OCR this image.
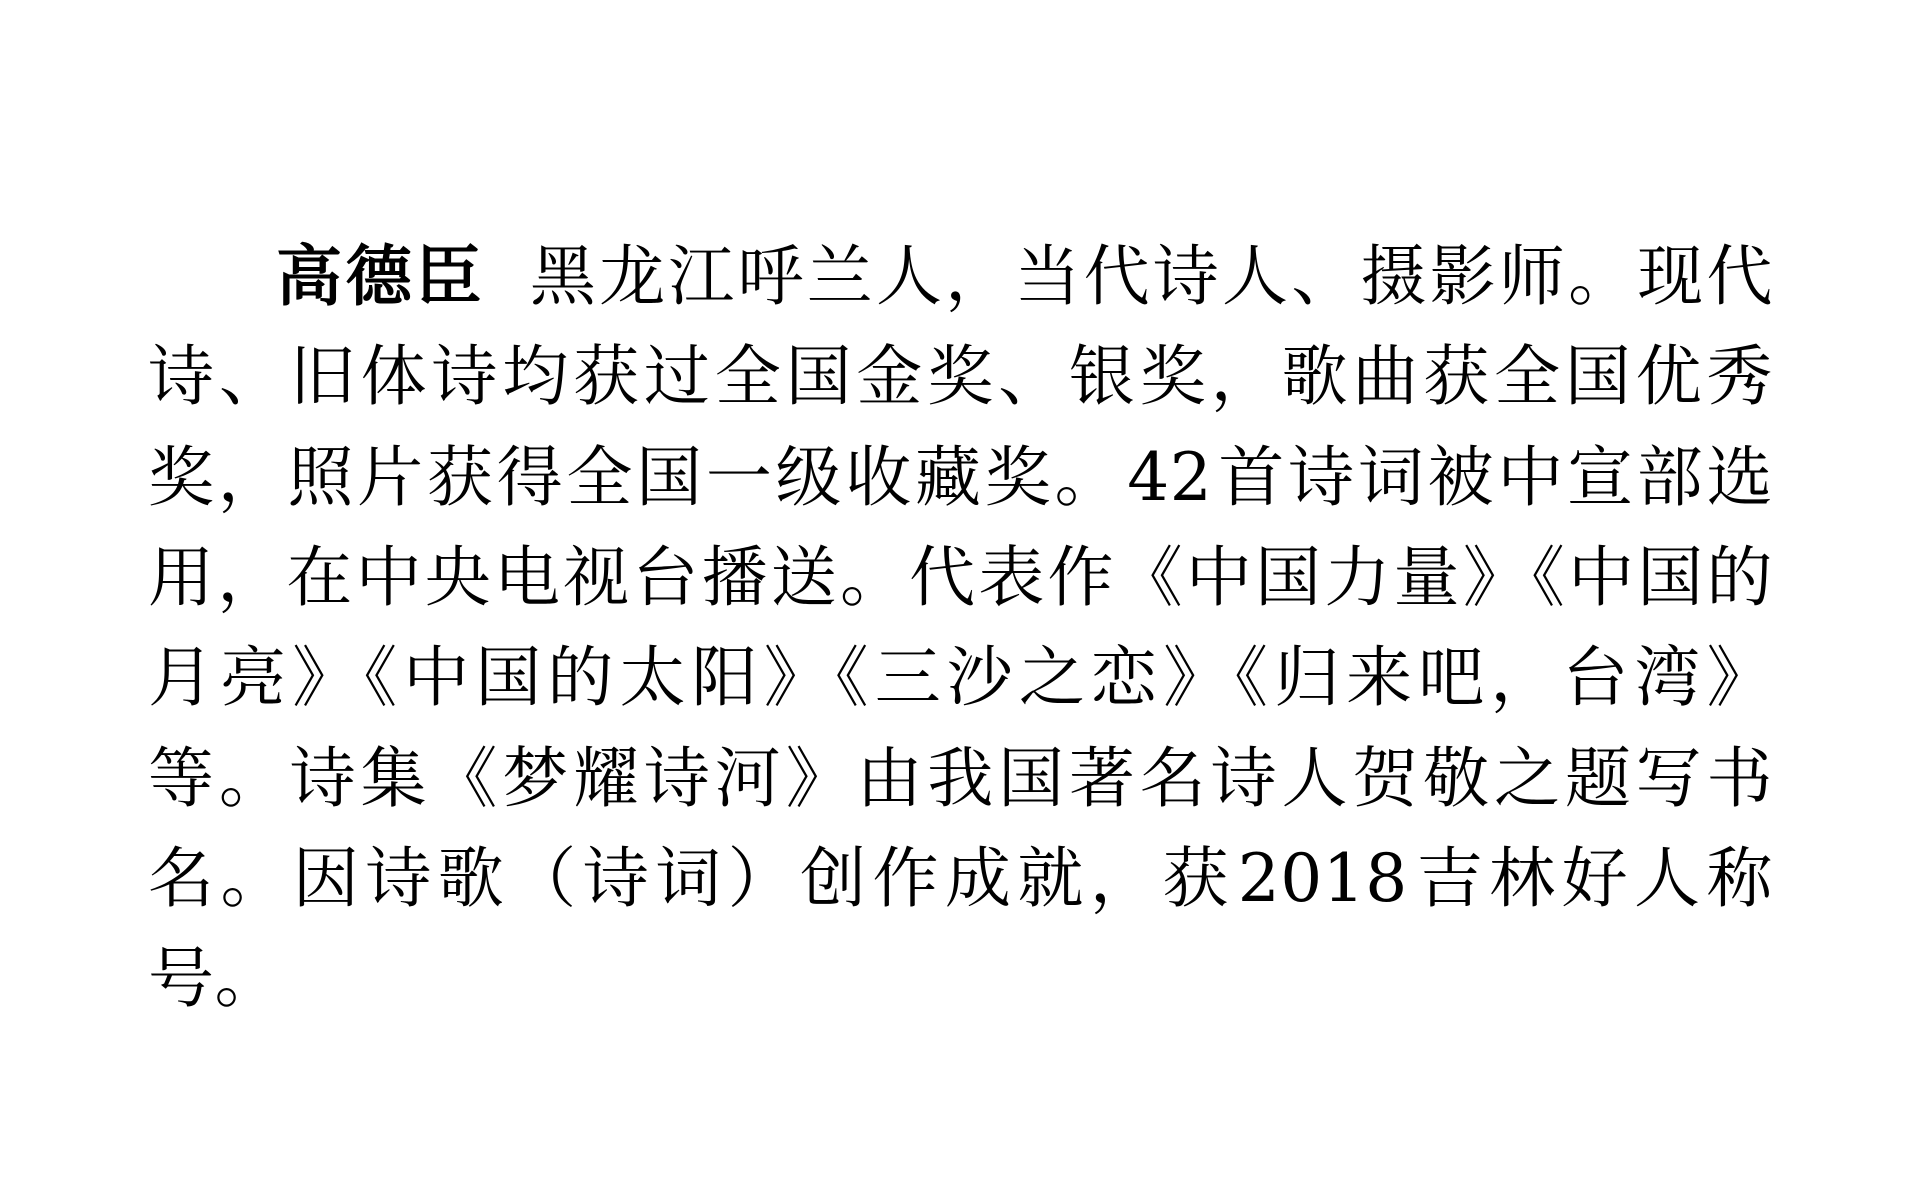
高德臣 黑龙江呼兰人，当代诗人、摄影师。现代诗、旧体诗均获过全国金奖、银奖，歌曲获全国优秀奖，照片获得全国一级收藏奖。42首诗词被中宣部选用，在中央电视台播送。代表作《中国力量》《中国的月亮》《中国的太阳》《三沙之恋》《归来吧，台湾》等。诗集《梦耀诗河》由我国著名诗人贺敬之题写书名。因诗歌（诗词）创作成就，获2018吉林好人称号。
